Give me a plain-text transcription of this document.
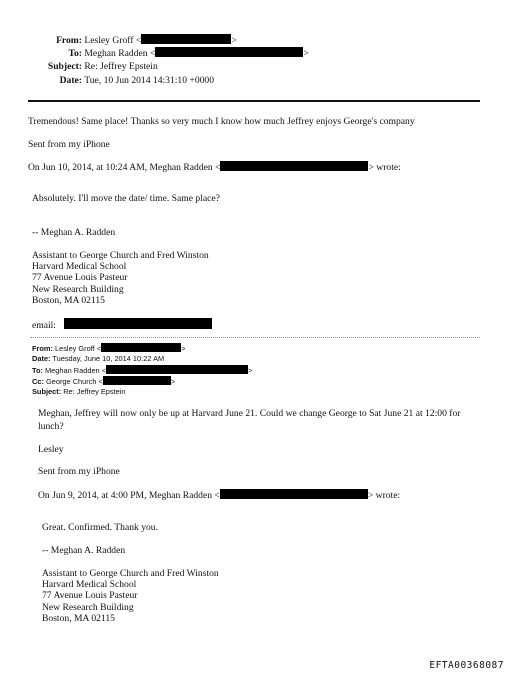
From: Lesley Groff <	>
To: Meghan Radden <	>
Subject: Re: Jeffrey Epstein
Date: Tue, 10 Jun 2014 14:31:10 +0000
Tremendous! Same place! Thanks so very much I know how much Jeffrey enjoys George's company
Sent from my iPhone
On Jun 10, 2014, at 10:24 AM, Meghan Radden <	> wrote:
Absolutely. I'll move the date/ time. Same place?
-- Meghan A. Radden
Assistant to George Church and Fred Winston
Harvard Medical School
77 Avenue Louis Pasteur
New Research Building
Boston, MA 02115
email:
From: Lesley Groff <	>
Date: Tuesday, June 10, 2014 10:22 AM
To: Meghan Radden <	>
Cc: George Church <	>
Subject: Re: Jeffrey Epstein
Meghan, Jeffrey will now only be up at Harvard June 21. Could we change George to Sat June 21 at 12:00 for
lunch?
Lesley
Sent from my iPhone
On Jun 9, 2014, at 4:00 PM, Meghan Radden <	> wrote:
Great. Confirmed. Thank you.
-- Meghan A. Radden
Assistant to George Church and Fred Winston
Harvard Medical School
77 Avenue Louis Pasteur
New Research Building
Boston, MA 02115
EFTA00368087
